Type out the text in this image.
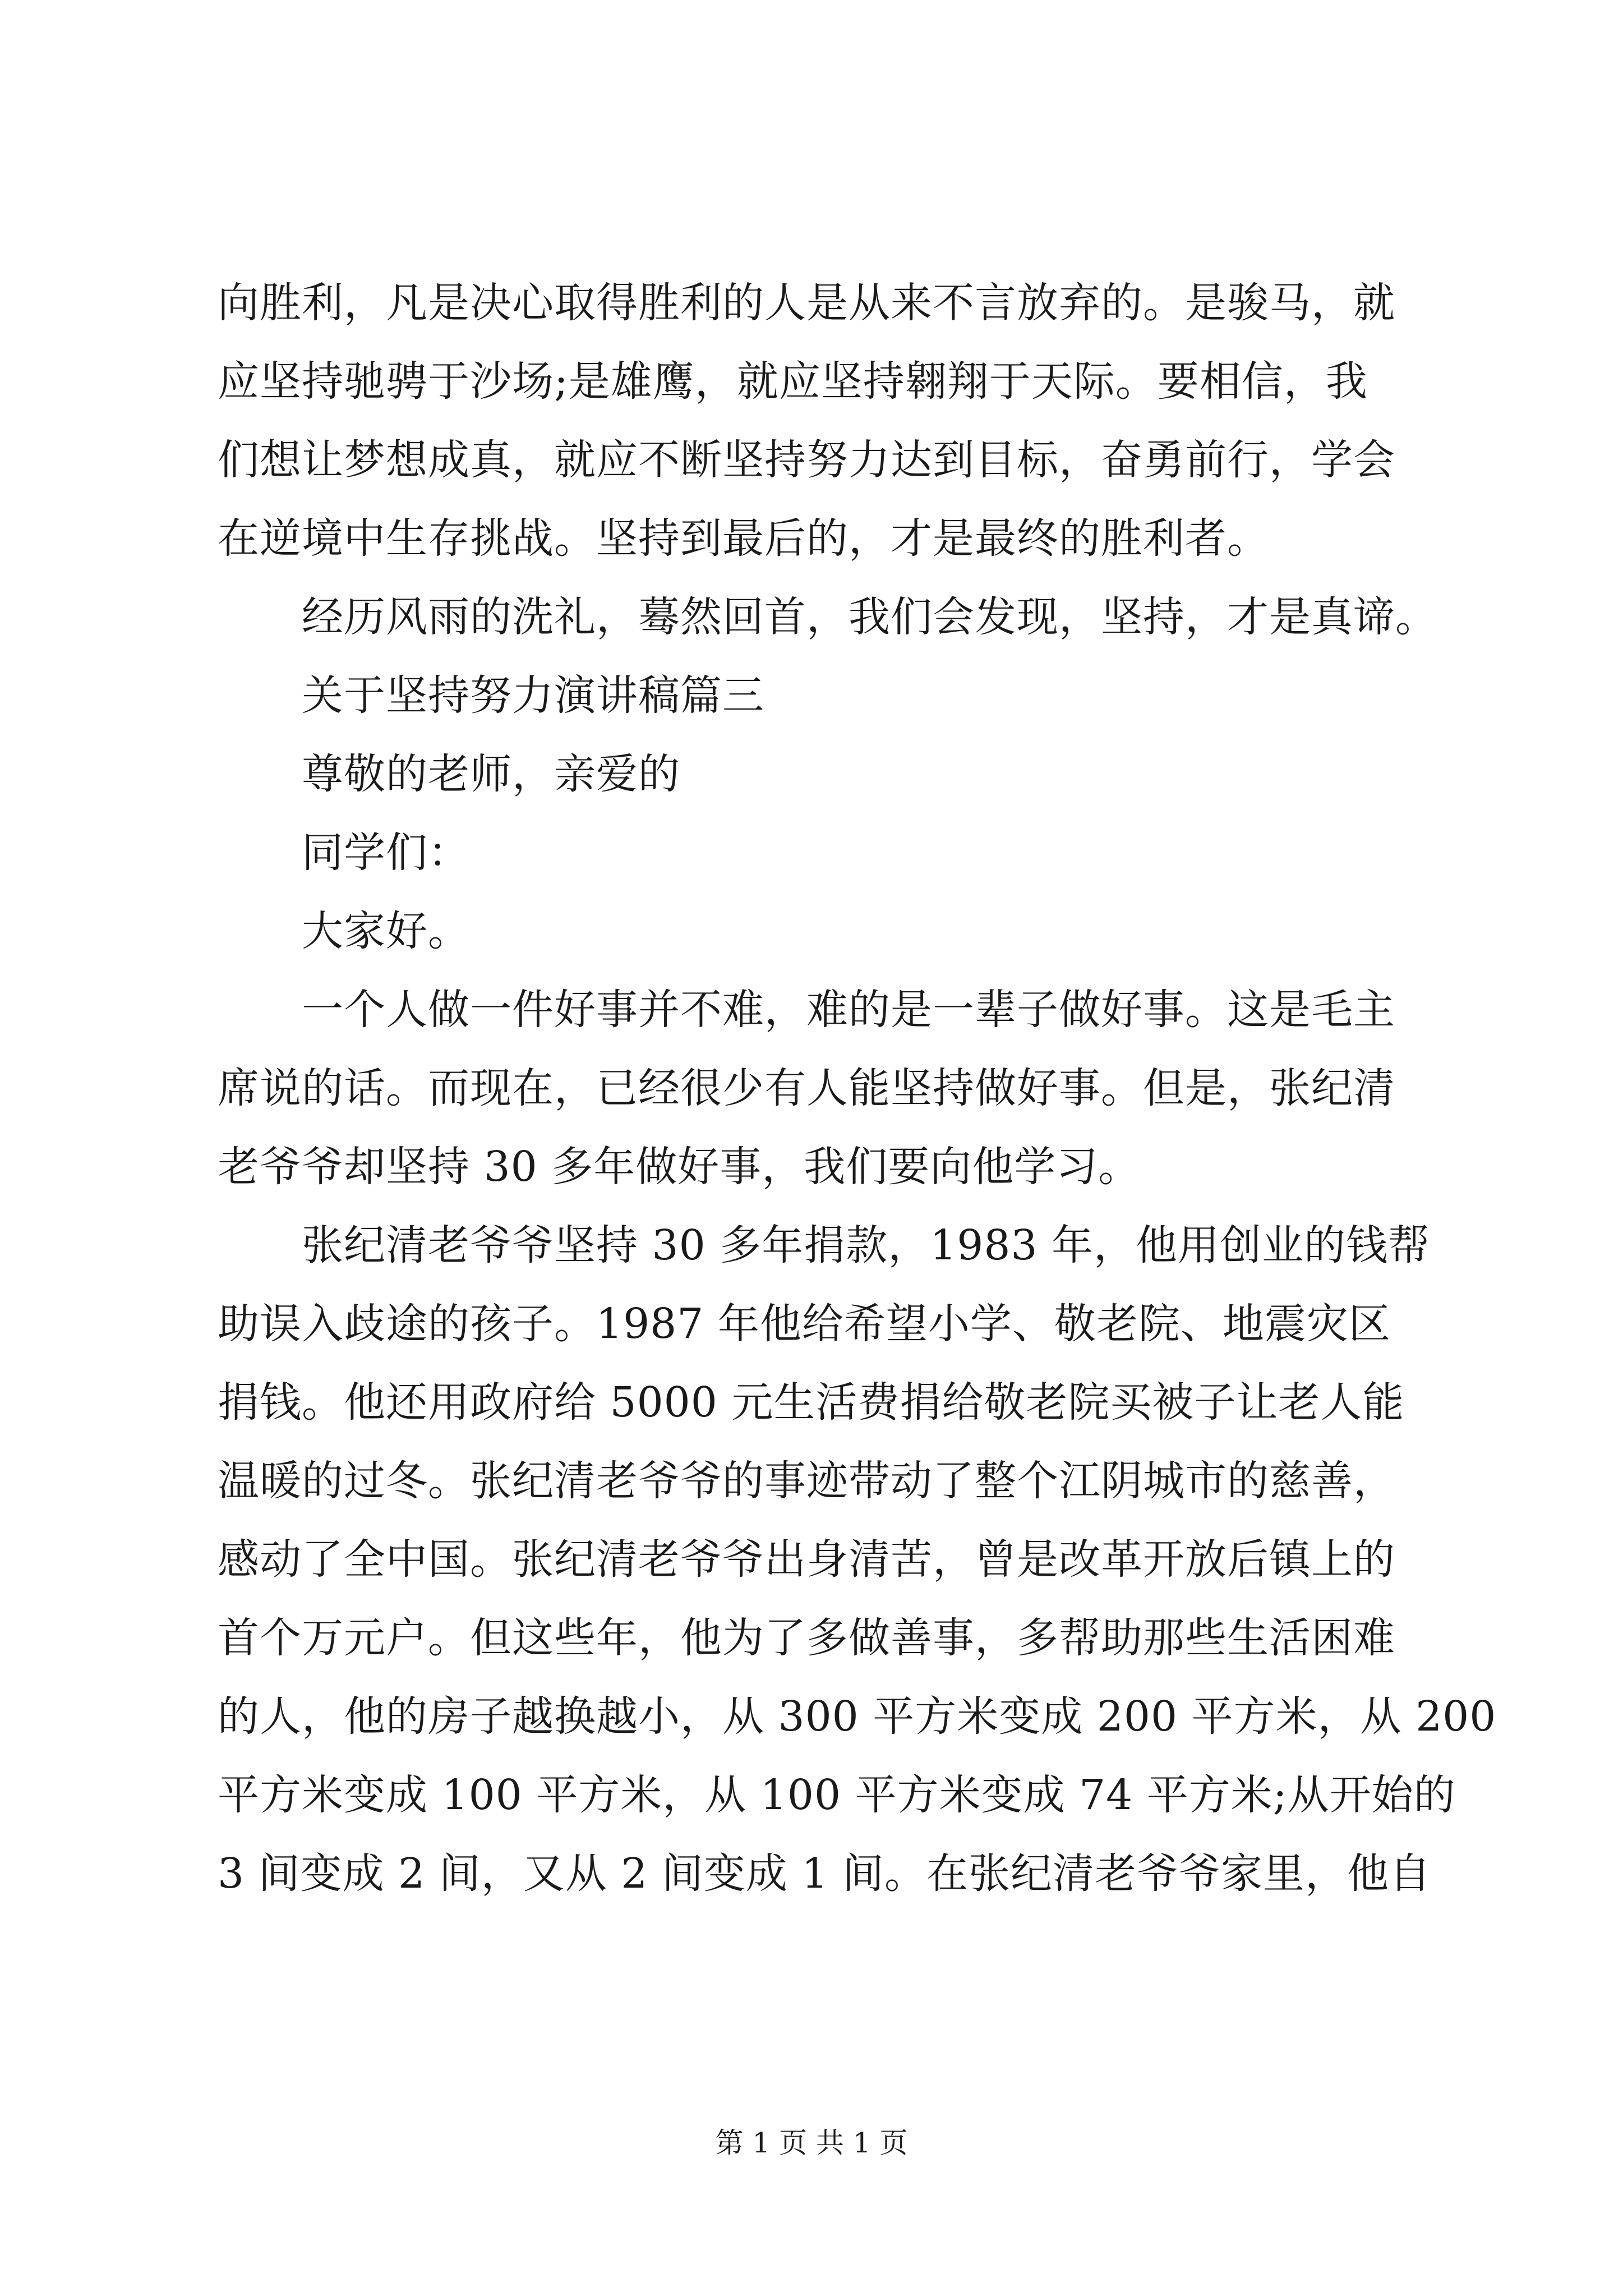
向胜利，凡是决心取得胜利的人是从来不言放弃的。是骏马，就
应坚持驰骋于沙场;是雄鹰，就应坚持翱翔于天际。要相信，我
们想让梦想成真，就应不断坚持努力达到目标，奋勇前行，学会
在逆境中生存挑战。坚持到最后的，才是最终的胜利者。
经历风雨的洗礼，蓦然回首，我们会发现，坚持，才是真谛。
关于坚持努力演讲稿篇三
尊敬的老师，亲爱的
同学们：
大家好。
一个人做一件好事并不难，难的是一辈子做好事。这是毛主
席说的话。而现在，已经很少有人能坚持做好事。但是，张纪清
老爷爷却坚持 30 多年做好事，我们要向他学习。
张纪清老爷爷坚持 30 多年捐款，1983 年，他用创业的钱帮
助误入歧途的孩子。1987 年他给希望小学、敬老院、地震灾区
捐钱。他还用政府给 5000 元生活费捐给敬老院买被子让老人能
温暖的过冬。张纪清老爷爷的事迹带动了整个江阴城市的慈善，
感动了全中国。张纪清老爷爷出身清苦，曾是改革开放后镇上的
首个万元户。但这些年，他为了多做善事，多帮助那些生活困难
的人，他的房子越换越小，从 300 平方米变成 200 平方米，从 200
平方米变成 100 平方米，从 100 平方米变成 74 平方米;从开始的
3 间变成 2 间，又从 2 间变成 1 间。在张纪清老爷爷家里，他自
第 1 页 共 1 页
